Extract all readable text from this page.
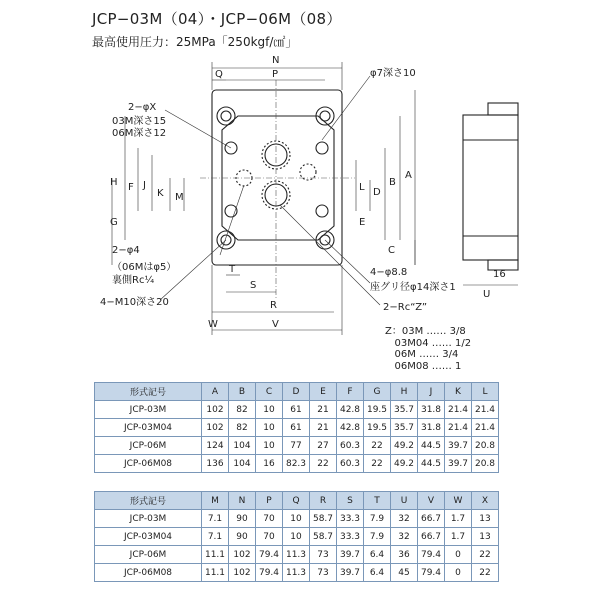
JCP−03M（04）・JCP−06M（08）
最高使用圧力：25MPa「250kgf/㎠」
N
Q	P
H	J
K M
G
F	L D
B
A
E
C
T
S
R
V
W
U
16
2−φX
03M深さ15
06M深さ12
2−φ4
（06Mはφ5）
裏側Rc¼
4−M10深さ20
φ7深さ10
4−φ8.8
座グリ径φ14深さ1
2−Rc“Z”
Z：03M ‥‥‥ 3/8
03M04 ‥‥‥ 1/2
06M ‥‥‥ 3/4
06M08 ‥‥‥ 1
形式記号	A	B	C	D	E	F	G	H	J	K	L
JCP-03M	102	82	10	61	21	42.8	19.5	35.7	31.8	21.4	21.4
JCP-03M04	102	82	10	61	21	42.8	19.5	35.7	31.8	21.4	21.4
JCP-06M	124	104	10	77	27	60.3	22	49.2	44.5	39.7	20.8
JCP-06M08	136	104	16	82.3	22	60.3	22	49.2	44.5	39.7	20.8
形式記号	M	N	P	Q	R	S	T	U	V	W	X
JCP-03M	7.1	90	70	10	58.7	33.3	7.9	32	66.7	1.7	13
JCP-03M04	7.1	90	70	10	58.7	33.3	7.9	32	66.7	1.7	13
JCP-06M	11.1	102	79.4	11.3	73	39.7	6.4	36	79.4	0	22
JCP-06M08	11.1	102	79.4	11.3	73	39.7	6.4	45	79.4	0	22
